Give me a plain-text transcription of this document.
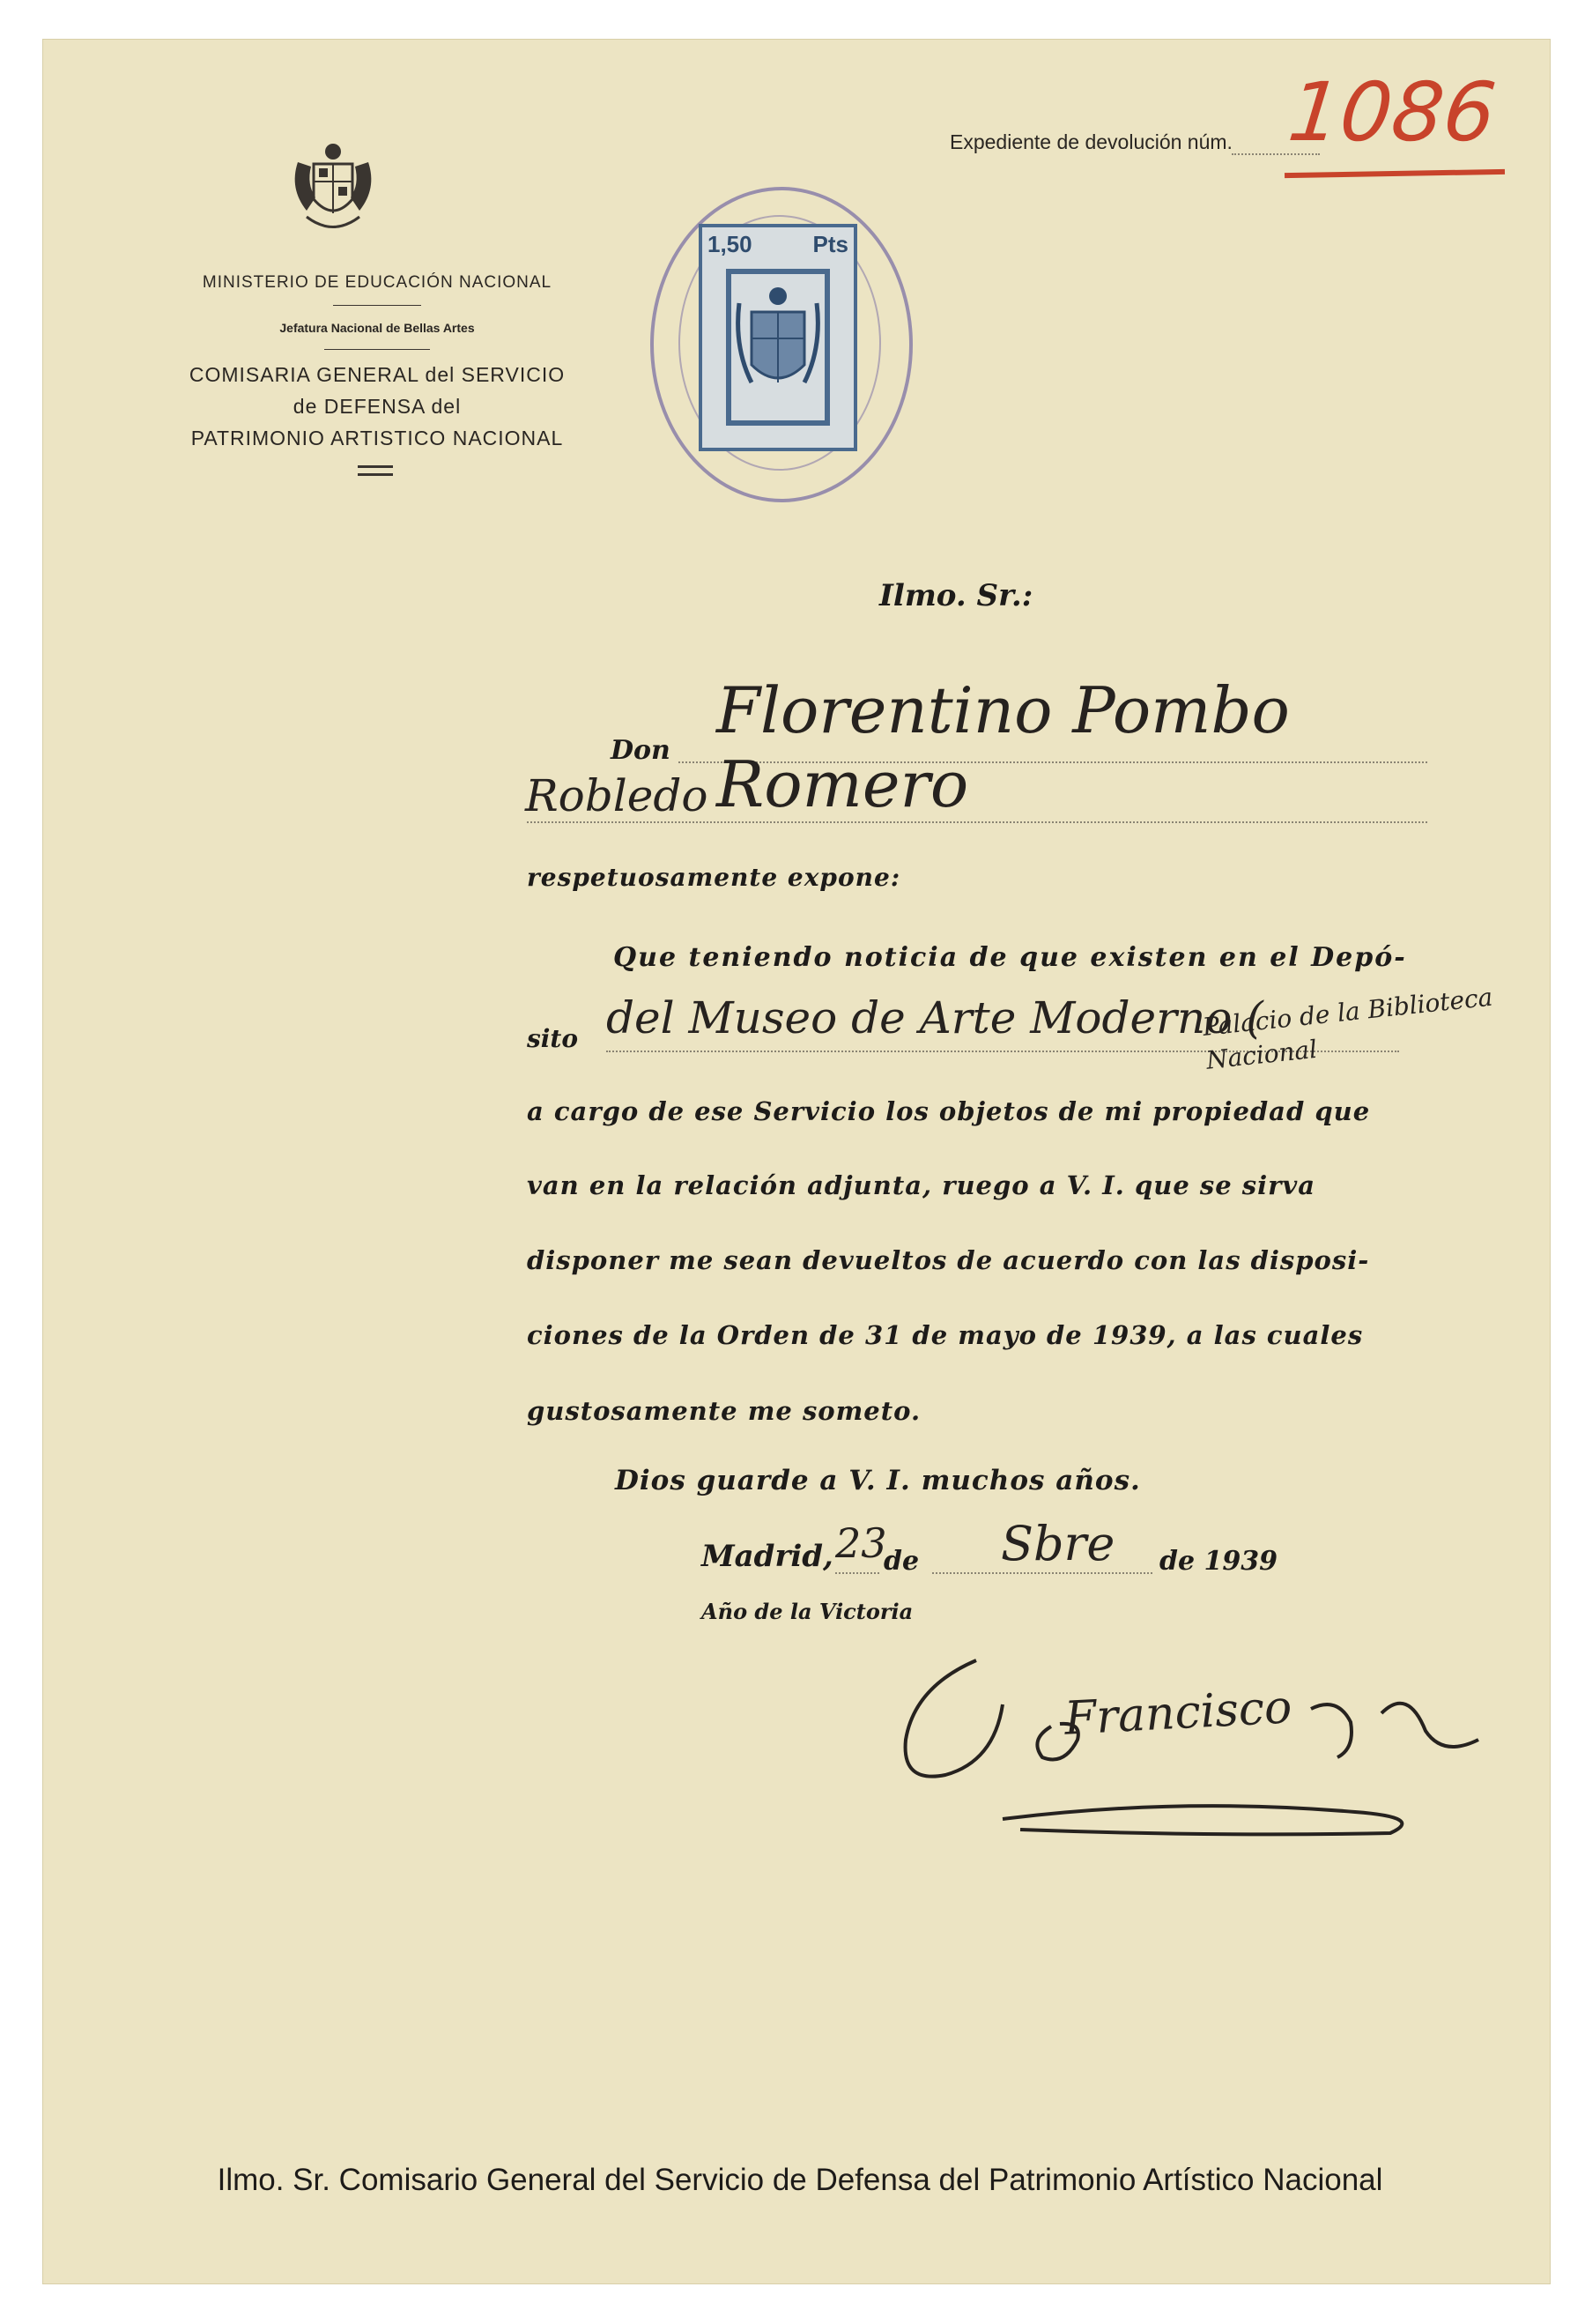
MINISTERIO DE EDUCACIÓN NACIONAL
Jefatura Nacional de Bellas Artes
COMISARIA GENERAL del SERVICIO
de DEFENSA del
PATRIMONIO ARTISTICO NACIONAL
1,50	Pts
Expediente de devolución núm. 1086
Ilmo. Sr.:
Don
Florentino Pombo Romero
Robledo
respetuosamente expone:
Que teniendo noticia de que existen en el Depó-
sito del Museo de Arte Moderno (
Palacio de la Biblioteca Nacional
a cargo de ese Servicio los objetos de mi propiedad que
van en la relación adjunta, ruego a V. I. que se sirva
disponer me sean devueltos de acuerdo con las disposi-
ciones de la Orden de 31 de mayo de 1939, a las cuales
gustosamente me someto.
Dios guarde a V. I. muchos años.
Madrid, 23
de Sbre de 1939
Año de la Victoria
Francisco
Ilmo. Sr. Comisario General del Servicio de Defensa del Patrimonio Artístico Nacional
